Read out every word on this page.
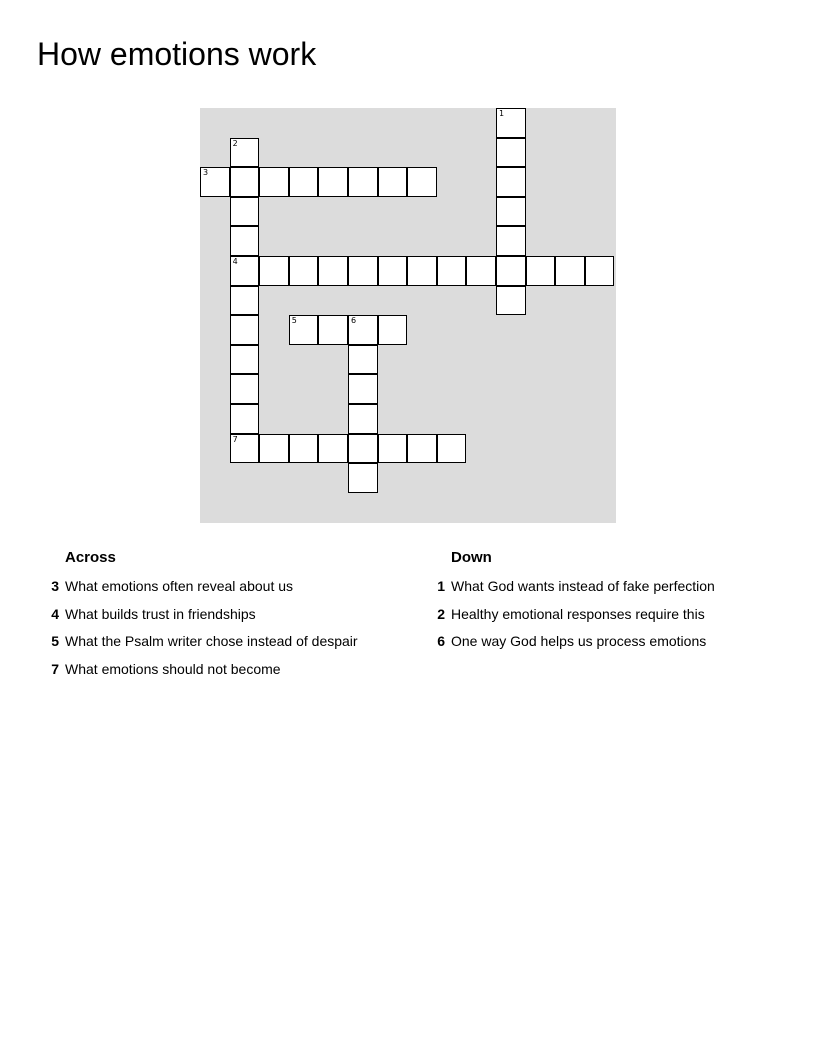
How emotions work
1
2
7
3
4
5	6
Across
3 What emotions often reveal about us
4 What builds trust in friendships
5 What the Psalm writer chose instead of despair
7 What emotions should not become
Down
1 What God wants instead of fake perfection
2 Healthy emotional responses require this
6 One way God helps us process emotions
